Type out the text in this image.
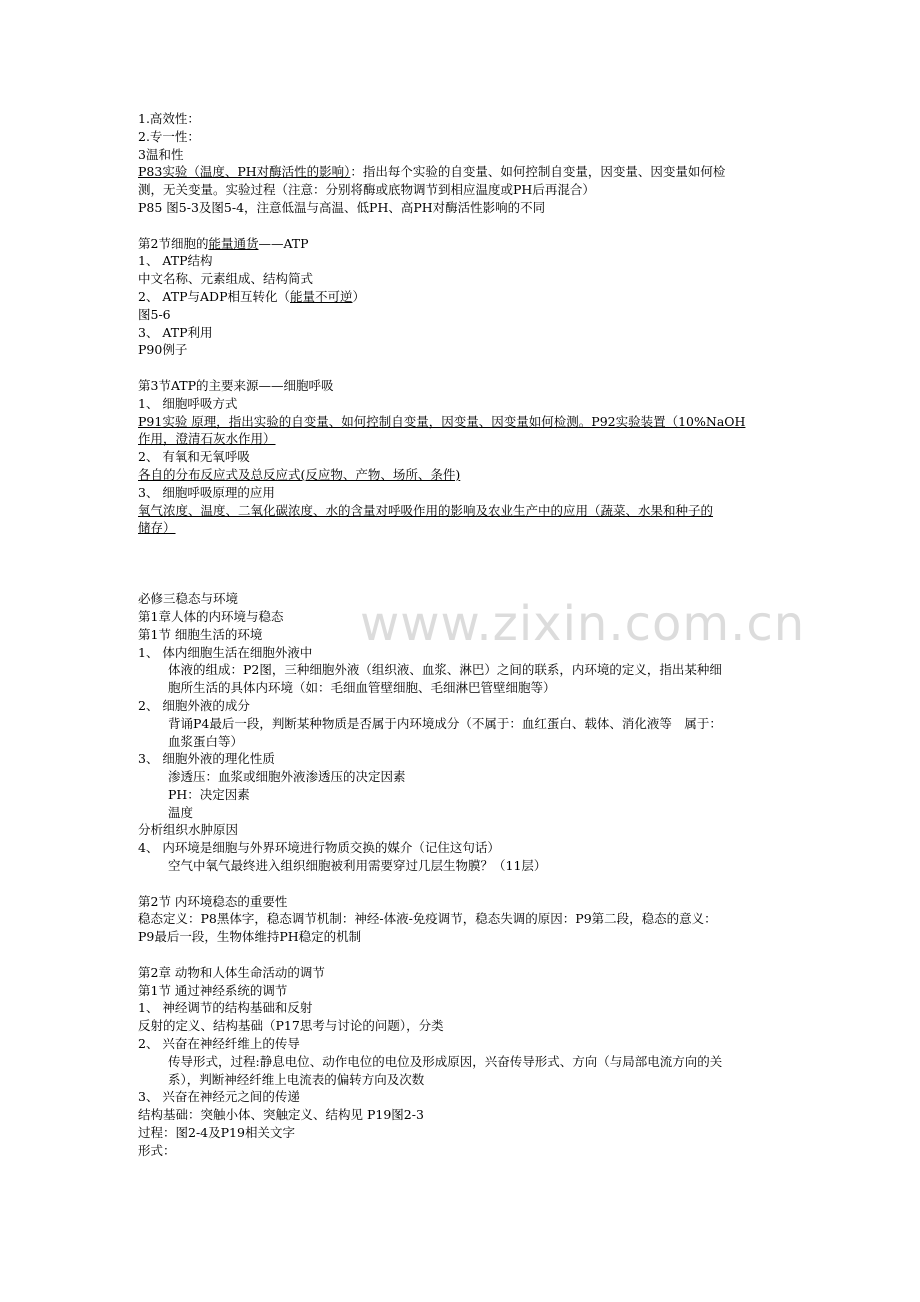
www.zixin.com.cn
1.高效性：
2.专一性：
3温和性
P83实验（温度、PH对酶活性的影响）：指出每个实验的自变量、如何控制自变量，因变量、因变量如何检
测，无关变量。实验过程（注意：分别将酶或底物调节到相应温度或PH后再混合）
P85 图5-3及图5-4，注意低温与高温、低PH、高PH对酶活性影响的不同
第2节细胞的能量通货——ATP
1、 ATP结构
中文名称、元素组成、结构简式
2、 ATP与ADP相互转化（能量不可逆）
图5-6
3、 ATP利用
P90例子
第3节ATP的主要来源——细胞呼吸
1、 细胞呼吸方式
P91实验 原理，指出实验的自变量、如何控制自变量，因变量、因变量如何检测。P92实验装置（10%NaOH
作用，澄清石灰水作用）
2、 有氧和无氧呼吸
各自的分布反应式及总反应式(反应物、产物、场所、条件)
3、 细胞呼吸原理的应用
氧气浓度、温度、二氧化碳浓度、水的含量对呼吸作用的影响及农业生产中的应用（蔬菜、水果和种子的
储存）
必修三稳态与环境
第1章人体的内环境与稳态
第1节 细胞生活的环境
1、 体内细胞生活在细胞外液中
体液的组成：P2图，三种细胞外液（组织液、血浆、淋巴）之间的联系，内环境的定义，指出某种细
胞所生活的具体内环境（如：毛细血管壁细胞、毛细淋巴管壁细胞等）
2、 细胞外液的成分
背诵P4最后一段，判断某种物质是否属于内环境成分（不属于：血红蛋白、载体、消化液等　属于：
血浆蛋白等）
3、 细胞外液的理化性质
渗透压：血浆或细胞外液渗透压的决定因素
PH：决定因素
温度
分析组织水肿原因
4、 内环境是细胞与外界环境进行物质交换的媒介（记住这句话）
空气中氧气最终进入组织细胞被利用需要穿过几层生物膜？（11层）
第2节 内环境稳态的重要性
稳态定义：P8黑体字，稳态调节机制：神经-体液-免疫调节，稳态失调的原因：P9第二段，稳态的意义：
P9最后一段，生物体维持PH稳定的机制
第2章 动物和人体生命活动的调节
第1节 通过神经系统的调节
1、 神经调节的结构基础和反射
反射的定义、结构基础（P17思考与讨论的问题），分类
2、 兴奋在神经纤维上的传导
传导形式，过程:静息电位、动作电位的电位及形成原因，兴奋传导形式、方向（与局部电流方向的关
系），判断神经纤维上电流表的偏转方向及次数
3、 兴奋在神经元之间的传递
结构基础：突触小体、突触定义、结构见 P19图2-3
过程：图2-4及P19相关文字
形式：
